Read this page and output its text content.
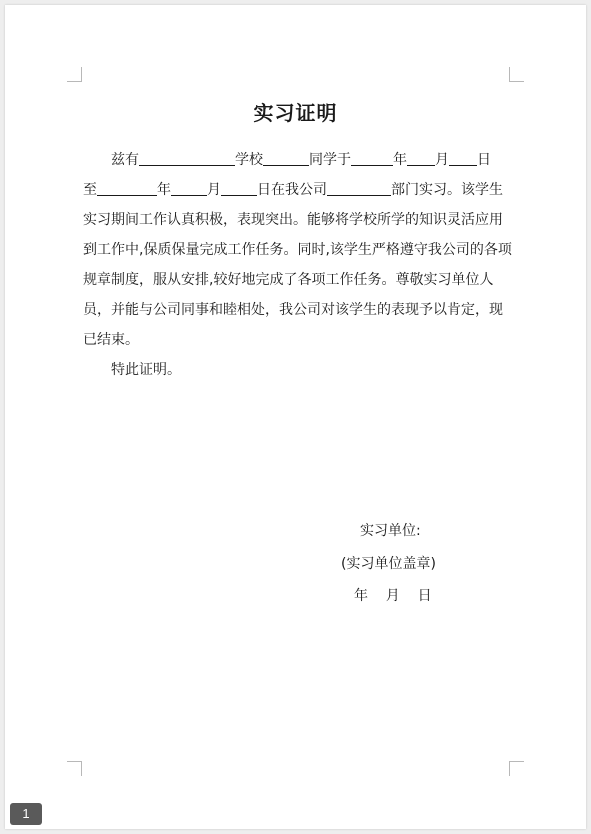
实习证明

兹有	学校	同学于	年 月 日

至	年	月	日在我公司	部门实习。该学生实习期间工作认真积极，表现突出。能够将学校所学的知识灵活应用到工作中,保质保量完成工作任务。同时,该学生严格遵守我公司的各项规章制度，服从安排,较好地完成了各项工作任务。尊敬实习单位人员，并能与公司同事和睦相处，我公司对该学生的表现予以肯定，现已结束。

特此证明。

实习单位:
(实习单位盖章)
年    月    日
1
